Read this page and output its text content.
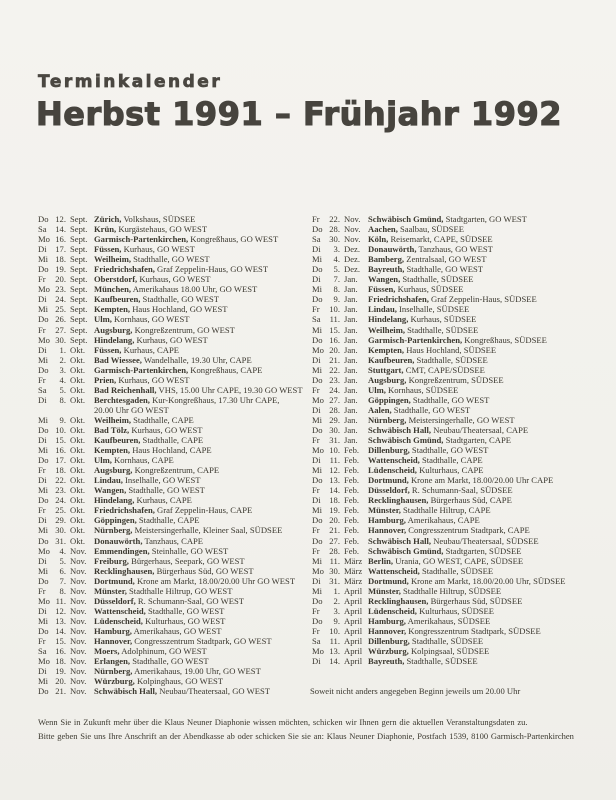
Terminkalender
Herbst 1991 – Frühjahr 1992
Do 12. Sept. Zürich, Volkshaus, SÜDSEE
Sa	14. Sept. Krün, Kurgästehaus, GO WEST
Mo 16. Sept. Garmisch-Partenkirchen, Kongreßhaus, GO WEST
Di	17. Sept. Füssen, Kurhaus, GO WEST
Mi 18. Sept. Weilheim, Stadthalle, GO WEST
Do 19. Sept. Friedrichshafen, Graf Zeppelin-Haus, GO WEST
Fr	20. Sept. Oberstdorf, Kurhaus, GO WEST
Mo 23. Sept. München, Amerikahaus 18.00 Uhr, GO WEST
Di	24. Sept. Kaufbeuren, Stadthalle, GO WEST
Mi 25. Sept. Kempten, Haus Hochland, GO WEST
Do 26. Sept. Ulm, Kornhaus, GO WEST
Fr	27. Sept. Augsburg, Kongreßzentrum, GO WEST
Mo 30. Sept. Hindelang, Kurhaus, GO WEST
Di	1. Okt.	Füssen, Kurhaus, CAPE
Mi	2. Okt.	Bad Wiessee, Wandelhalle, 19.30 Uhr, CAPE
Do	3. Okt.	Garmisch-Partenkirchen, Kongreßhaus, CAPE
Fr	4. Okt.	Prien, Kurhaus, GO WEST
Sa	5. Okt.	Bad Reichenhall, VHS, 15.00 Uhr CAPE, 19.30 GO WEST
Di	8. Okt.	Berchtesgaden, Kur-Kongreßhaus, 17.30 Uhr CAPE,
20.00 Uhr GO WEST
Mi	9. Okt.	Weilheim, Stadthalle, CAPE
Do 10. Okt.	Bad Tölz, Kurhaus, GO WEST
Di	15. Okt.	Kaufbeuren, Stadthalle, CAPE
Mi 16. Okt.	Kempten, Haus Hochland, CAPE
Do 17. Okt.	Ulm, Kornhaus, CAPE
Fr	18. Okt.	Augsburg, Kongreßzentrum, CAPE
Di	22. Okt.	Lindau, Inselhalle, GO WEST
Mi 23. Okt.	Wangen, Stadthalle, GO WEST
Do 24. Okt.	Hindelang, Kurhaus, CAPE
Fr	25. Okt.	Friedrichshafen, Graf Zeppelin-Haus, CAPE
Di	29. Okt.	Göppingen, Stadthalle, CAPE
Mi 30. Okt.	Nürnberg, Meistersingerhalle, Kleiner Saal, SÜDSEE
Do 31. Okt.	Donauwörth, Tanzhaus, CAPE
Mo	4. Nov. Emmendingen, Steinhalle, GO WEST
Di	5. Nov. Freiburg, Bürgerhaus, Seepark, GO WEST
Mi	6. Nov. Recklinghausen, Bürgerhaus Süd, GO WEST
Do	7. Nov. Dortmund, Krone am Markt, 18.00/20.00 Uhr GO WEST
Fr	8. Nov. Münster, Stadthalle Hiltrup, GO WEST
Mo 11. Nov. Düsseldorf, R. Schumann-Saal, GO WEST
Di	12. Nov. Wattenscheid, Stadthalle, GO WEST
Mi 13. Nov. Lüdenscheid, Kulturhaus, GO WEST
Do 14. Nov. Hamburg, Amerikahaus, GO WEST
Fr	15. Nov. Hannover, Congresszentrum Stadtpark, GO WEST
Sa	16. Nov. Moers, Adolphinum, GO WEST
Mo 18. Nov. Erlangen, Stadthalle, GO WEST
Di	19. Nov. Nürnberg, Amerikahaus, 19.00 Uhr, GO WEST
Mi 20. Nov. Würzburg, Kolpinghaus, GO WEST
Do 21. Nov. Schwäbisch Hall, Neubau/Theatersaal, GO WEST
Fr	22. Nov. Schwäbisch Gmünd, Stadtgarten, GO WEST
Do 28. Nov. Aachen, Saalbau, SÜDSEE
Sa	30. Nov. Köln, Reisemarkt, CAPE, SÜDSEE
Di	3. Dez. Donauwörth, Tanzhaus, GO WEST
Mi	4. Dez. Bamberg, Zentralsaal, GO WEST
Do	5. Dez. Bayreuth, Stadthalle, GO WEST
Di	7. Jan.	Wangen, Stadthalle, SÜDSEE
Mi	8. Jan.	Füssen, Kurhaus, SÜDSEE
Do	9. Jan.	Friedrichshafen, Graf Zeppelin-Haus, SÜDSEE
Fr	10. Jan.	Lindau, Inselhalle, SÜDSEE
Sa	11. Jan.	Hindelang, Kurhaus, SÜDSEE
Mi 15. Jan.	Weilheim, Stadthalle, SÜDSEE
Do 16. Jan.	Garmisch-Partenkirchen, Kongreßhaus, SÜDSEE
Mo 20. Jan.	Kempten, Haus Hochland, SÜDSEE
Di	21. Jan.	Kaufbeuren, Stadthalle, SÜDSEE
Mi 22. Jan.	Stuttgart, CMT, CAPE/SÜDSEE
Do 23. Jan.	Augsburg, Kongreßzentrum, SÜDSEE
Fr	24. Jan.	Ulm, Kornhaus, SÜDSEE
Mo 27. Jan.	Göppingen, Stadthalle, GO WEST
Di	28. Jan.	Aalen, Stadthalle, GO WEST
Mi 29. Jan.	Nürnberg, Meistersingerhalle, GO WEST
Do 30. Jan.	Schwäbisch Hall, Neubau/Theatersaal, CAPE
Fr	31. Jan.	Schwäbisch Gmünd, Stadtgarten, CAPE
Mo 10. Feb.	Dillenburg, Stadthalle, GO WEST
Di	11. Feb.	Wattenscheid, Stadthalle, CAPE
Mi 12. Feb.	Lüdenscheid, Kulturhaus, CAPE
Do 13. Feb.	Dortmund, Krone am Markt, 18.00/20.00 Uhr CAPE
Fr	14. Feb.	Düsseldorf, R. Schumann-Saal, SÜDSEE
Di	18. Feb.	Recklinghausen, Bürgerhaus Süd, CAPE
Mi 19. Feb.	Münster, Stadthalle Hiltrup, CAPE
Do 20. Feb.	Hamburg, Amerikahaus, CAPE
Fr	21. Feb.	Hannover, Congresszentrum Stadtpark, CAPE
Do 27. Feb.	Schwäbisch Hall, Neubau/Theatersaal, SÜDSEE
Fr	28. Feb.	Schwäbisch Gmünd, Stadtgarten, SÜDSEE
Mi 11. März Berlin, Urania, GO WEST, CAPE, SÜDSEE
Mo 30. März Wattenscheid, Stadthalle, SÜDSEE
Di	31. März Dortmund, Krone am Markt, 18.00/20.00 Uhr, SÜDSEE
Mi	1. April Münster, Stadthalle Hiltrup, SÜDSEE
Do	2. April Recklinghausen, Bürgerhaus Süd, SÜDSEE
Fr	3. April Lüdenscheid, Kulturhaus, SÜDSEE
Do	9. April Hamburg, Amerikahaus, SÜDSEE
Fr	10. April Hannover, Kongresszentrum Stadtpark, SÜDSEE
Sa	11. April Dillenburg, Stadthalle, SÜDSEE
Mo 13. April Würzburg, Kolpingsaal, SÜDSEE
Di	14. April Bayreuth, Stadthalle, SÜDSEE
Soweit nicht anders angegeben Beginn jeweils um 20.00 Uhr
Wenn Sie in Zukunft mehr über die Klaus Neuner Diaphonie wissen möchten, schicken wir Ihnen gern die aktuellen Veranstaltungsdaten zu.
Bitte geben Sie uns Ihre Anschrift an der Abendkasse ab oder schicken Sie sie an: Klaus Neuner Diaphonie, Postfach 1539, 8100 Garmisch-Partenkirchen
